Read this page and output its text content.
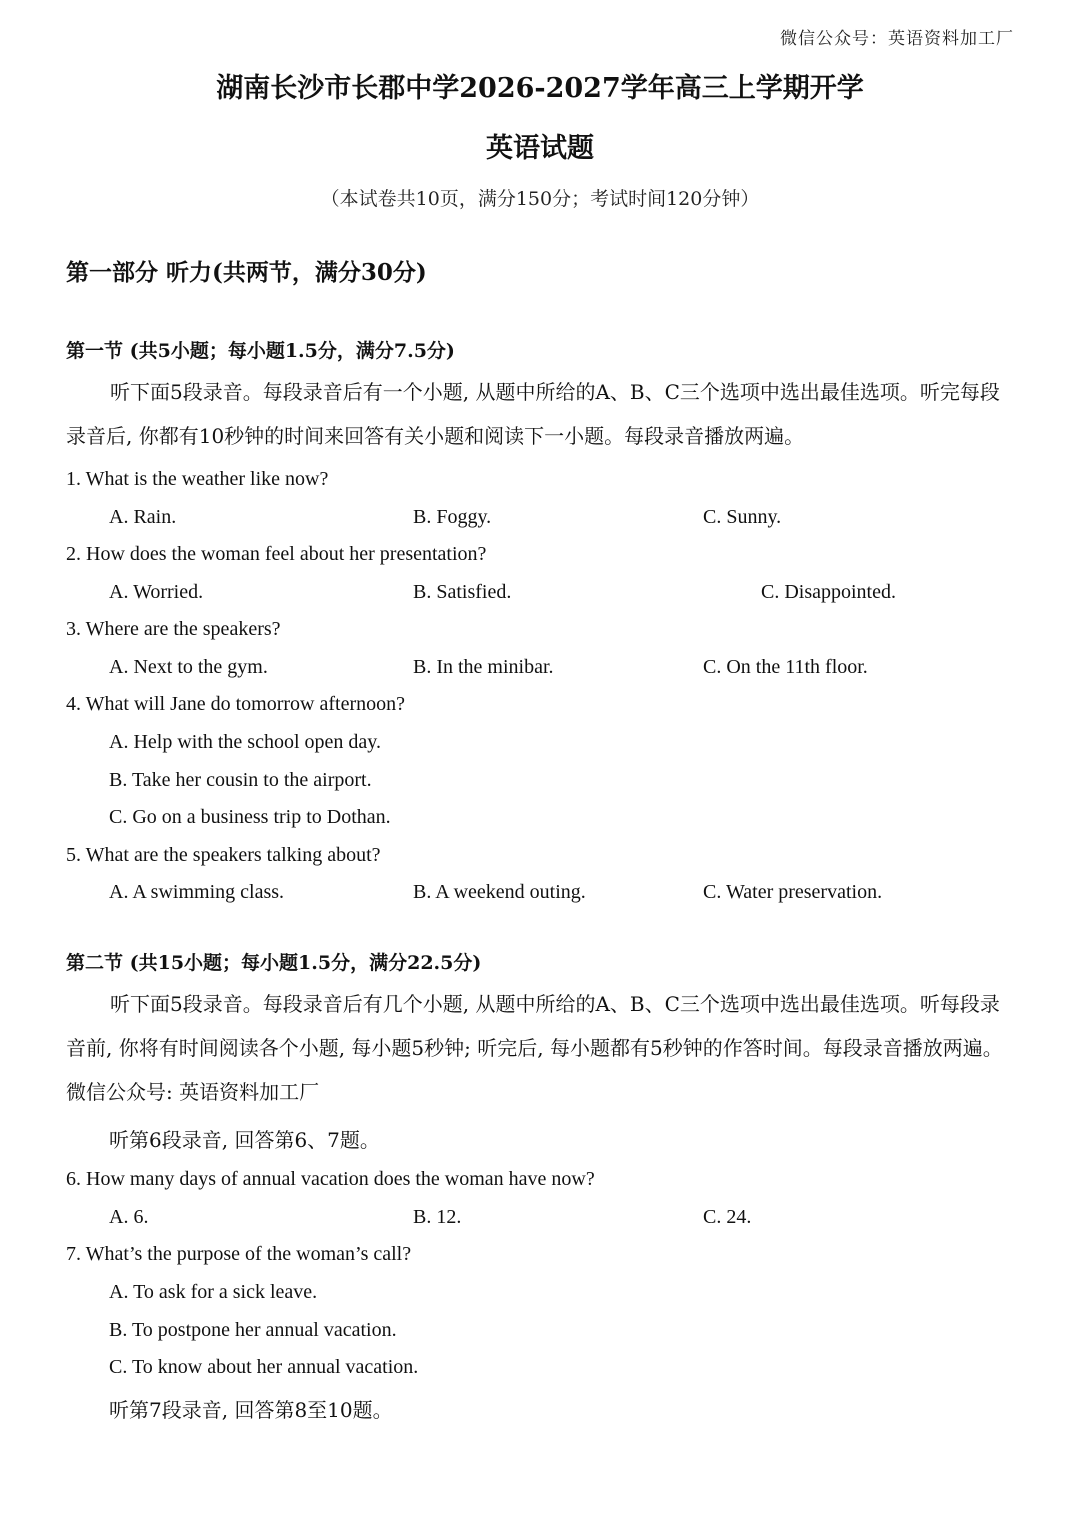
微信公众号：英语资料加工厂
湖南长沙市长郡中学2026-2027学年高三上学期开学
英语试题
（本试卷共10页，满分150分；考试时间120分钟）
第一部分 听力(共两节，满分30分)
第一节 (共5小题；每小题1.5分，满分7.5分)
听下面5段录音。每段录音后有一个小题, 从题中所给的A、B、C三个选项中选出最佳选项。听完每段录音后, 你都有10秒钟的时间来回答有关小题和阅读下一小题。每段录音播放两遍。
1. What is the weather like now?
A. Rain.	B. Foggy.	C. Sunny.
2. How does the woman feel about her presentation?
A. Worried.	B. Satisfied.	C. Disappointed.
3. Where are the speakers?
A. Next to the gym.	B. In the minibar.	C. On the 11th floor.
4. What will Jane do tomorrow afternoon?
A. Help with the school open day.
B. Take her cousin to the airport.
C. Go on a business trip to Dothan.
5. What are the speakers talking about?
A. A swimming class.	B. A weekend outing.	C. Water preservation.
第二节 (共15小题；每小题1.5分，满分22.5分)
听下面5段录音。每段录音后有几个小题, 从题中所给的A、B、C三个选项中选出最佳选项。听每段录音前, 你将有时间阅读各个小题, 每小题5秒钟; 听完后, 每小题都有5秒钟的作答时间。每段录音播放两遍。微信公众号: 英语资料加工厂
听第6段录音, 回答第6、7题。
6. How many days of annual vacation does the woman have now?
A. 6.	B. 12.	C. 24.
7. What’s the purpose of the woman’s call?
A. To ask for a sick leave.
B. To postpone her annual vacation.
C. To know about her annual vacation.
听第7段录音, 回答第8至10题。
